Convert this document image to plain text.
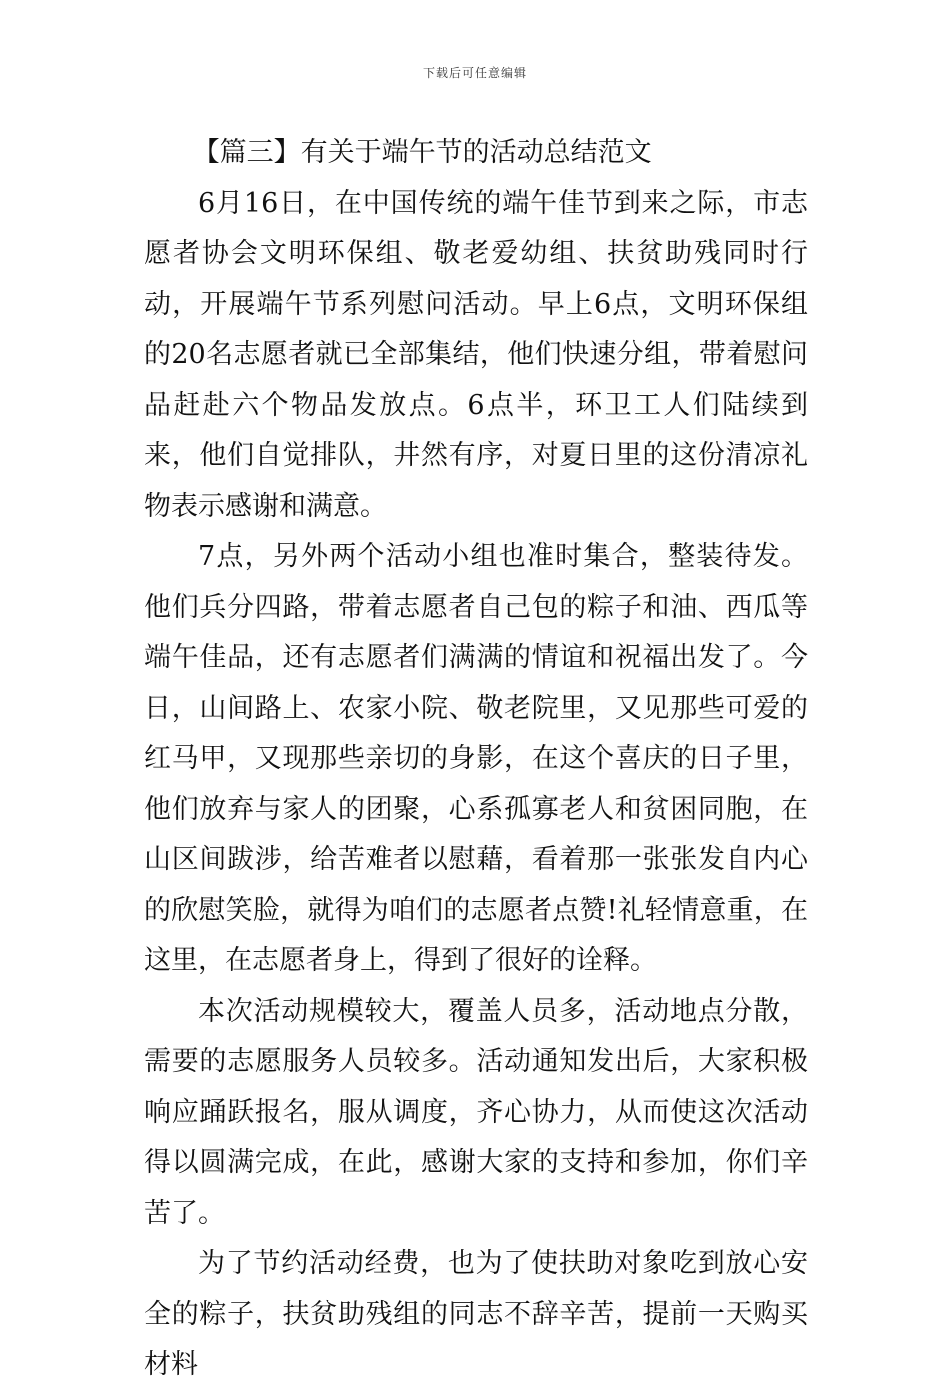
下载后可任意编辑

【篇三】有关于端午节的活动总结范文

6月16日，在中国传统的端午佳节到来之际，市志愿者协会文明环保组、敬老爱幼组、扶贫助残同时行动，开展端午节系列慰问活动。早上6点，文明环保组的20名志愿者就已全部集结，他们快速分组，带着慰问品赶赴六个物品发放点。6点半，环卫工人们陆续到来，他们自觉排队，井然有序，对夏日里的这份清凉礼物表示感谢和满意。

7点，另外两个活动小组也准时集合，整装待发。他们兵分四路，带着志愿者自己包的粽子和油、西瓜等端午佳品，还有志愿者们满满的情谊和祝福出发了。今日，山间路上、农家小院、敬老院里，又见那些可爱的红马甲，又现那些亲切的身影，在这个喜庆的日子里，他们放弃与家人的团聚，心系孤寡老人和贫困同胞，在山区间跋涉，给苦难者以慰藉，看着那一张张发自内心的欣慰笑脸，就得为咱们的志愿者点赞!礼轻情意重，在这里，在志愿者身上，得到了很好的诠释。

本次活动规模较大，覆盖人员多，活动地点分散，需要的志愿服务人员较多。活动通知发出后，大家积极响应踊跃报名，服从调度，齐心协力，从而使这次活动得以圆满完成，在此，感谢大家的支持和参加，你们辛苦了。

为了节约活动经费，也为了使扶助对象吃到放心安全的粽子，扶贫助残组的同志不辞辛苦，提前一天购买材料
